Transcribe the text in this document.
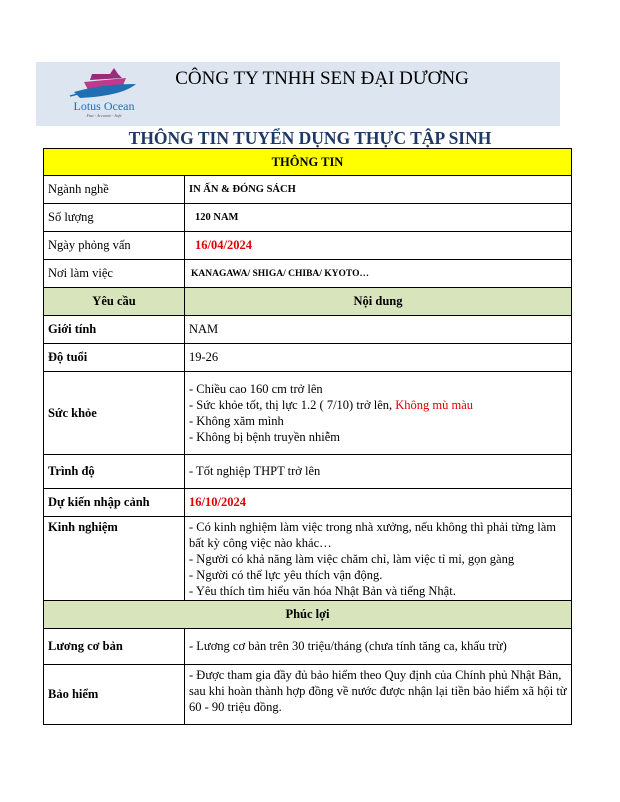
Lotus Ocean
Fast - Accurate - Safe
CÔNG TY TNHH SEN ĐẠI DƯƠNG
THÔNG TIN TUYỂN DỤNG THỰC TẬP SINH
THÔNG TIN	
Ngành nghề	IN ẤN & ĐÓNG SÁCH
Số lượng	120 NAM
Ngày phỏng vấn	16/04/2024
Nơi làm việc	KANAGAWA/ SHIGA/ CHIBA/ KYOTO…
Yêu cầu	Nội dung
Giới tính	NAM
Độ tuổi	19-26
Sức khỏe	- Chiều cao 160 cm trở lên
- Sức khỏe tốt, thị lực 1.2 ( 7/10) trở lên, Không mù màu
- Không xăm mình
- Không bị bệnh truyền nhiễm

Trình độ	- Tốt nghiệp THPT trở lên
Dự kiến nhập cảnh	16/10/2024
Kinh nghiệm	- Có kinh nghiệm làm việc trong nhà xưởng, nếu không thì phải từng làm bất kỳ công việc nào khác…
- Người có khả năng làm việc chăm chỉ, làm việc tỉ mỉ, gọn gàng
- Người có thể lực yêu thích vận động.
- Yêu thích tìm hiểu văn hóa Nhật Bản và tiếng Nhật.

Phúc lợi	
Lương cơ bản	- Lương cơ bản trên 30 triệu/tháng (chưa tính tăng ca, khấu trừ)
Bảo hiểm	- Được tham gia đầy đủ bảo hiểm theo Quy định của Chính phủ Nhật Bản, sau khi hoàn thành hợp đồng về nước được nhận lại tiền bảo hiểm xã hội từ 60 - 90 triệu đồng.
